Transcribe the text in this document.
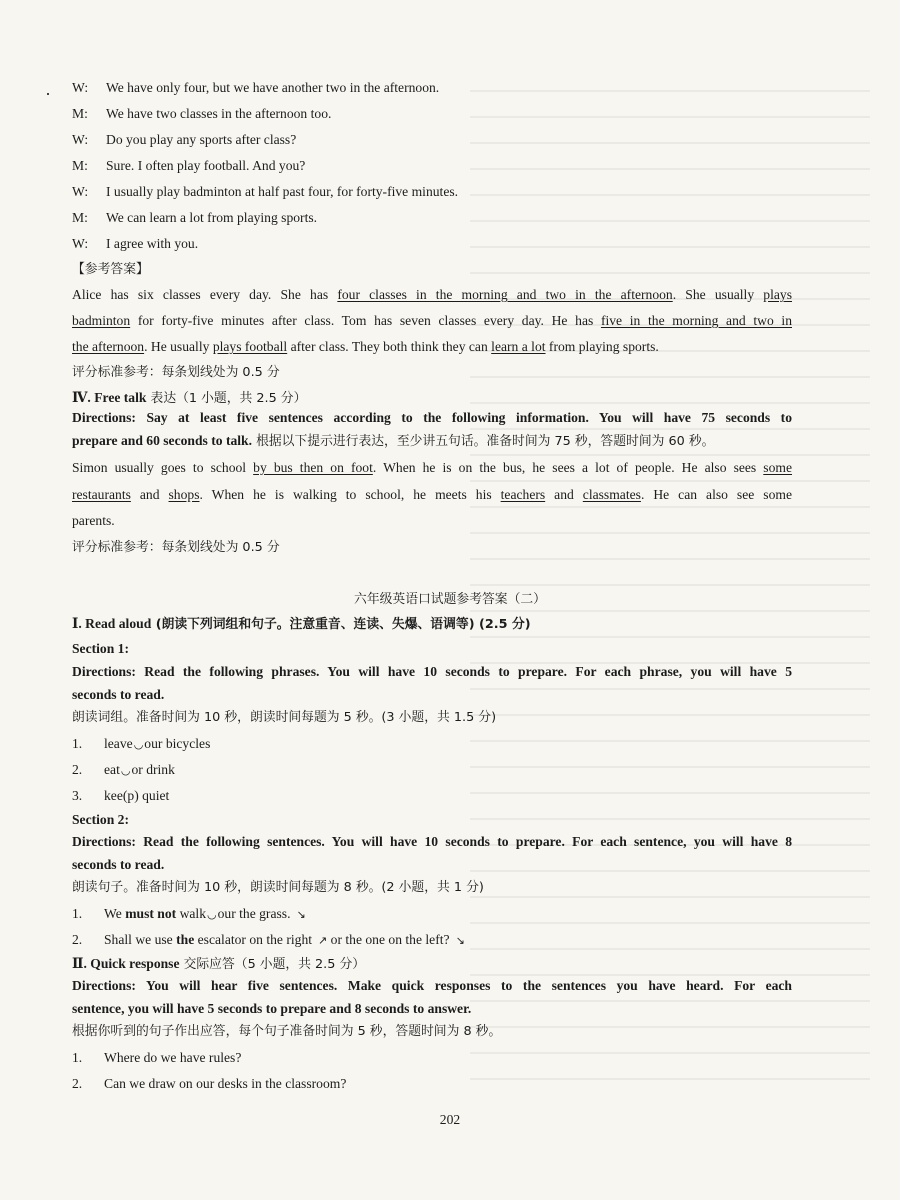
W: We have only four, but we have another two in the afternoon.
M: We have two classes in the afternoon too.
W: Do you play any sports after class?
M: Sure. I often play football. And you?
W: I usually play badminton at half past four, for forty-five minutes.
M: We can learn a lot from playing sports.
W: I agree with you.
【参考答案】
Alice has six classes every day. She has four classes in the morning and two in the afternoon. She usually plays
badminton for forty-five minutes after class. Tom has seven classes every day. He has five in the morning and two in
the afternoon. He usually plays football after class. They both think they can learn a lot from playing sports.
评分标准参考：每条划线处为 0.5 分
Ⅳ. Free talk 表达（1 小题，共 2.5 分）
Directions: Say at least five sentences according to the following information. You will have 75 seconds to
prepare and 60 seconds to talk. 根据以下提示进行表达，至少讲五句话。准备时间为 75 秒，答题时间为 60 秒。
Simon usually goes to school by bus then on foot. When he is on the bus, he sees a lot of people. He also sees some
restaurants and shops. When he is walking to school, he meets his teachers and classmates. He can also see some
parents.
评分标准参考：每条划线处为 0.5 分
六年级英语口试题参考答案（二）
Ⅰ. Read aloud (朗读下列词组和句子。注意重音、连读、失爆、语调等) (2.5 分)
Section 1:
Directions: Read the following phrases. You will have 10 seconds to prepare. For each phrase, you will have 5
seconds to read.
朗读词组。准备时间为 10 秒，朗读时间每题为 5 秒。(3 小题，共 1.5 分)
1. leave◡our bicycles
2. eat◡or drink
3. kee(p) quiet
Section 2:
Directions: Read the following sentences. You will have 10 seconds to prepare. For each sentence, you will have 8
seconds to read.
朗读句子。准备时间为 10 秒，朗读时间每题为 8 秒。(2 小题，共 1 分)
1. We must not walk◡our the grass. ↘
2. Shall we use the escalator on the right ↗ or the one on the left? ↘
Ⅱ. Quick response 交际应答（5 小题，共 2.5 分）
Directions: You will hear five sentences. Make quick responses to the sentences you have heard. For each
sentence, you will have 5 seconds to prepare and 8 seconds to answer.
根据你听到的句子作出应答，每个句子准备时间为 5 秒，答题时间为 8 秒。
1. Where do we have rules?
2. Can we draw on our desks in the classroom?
202
